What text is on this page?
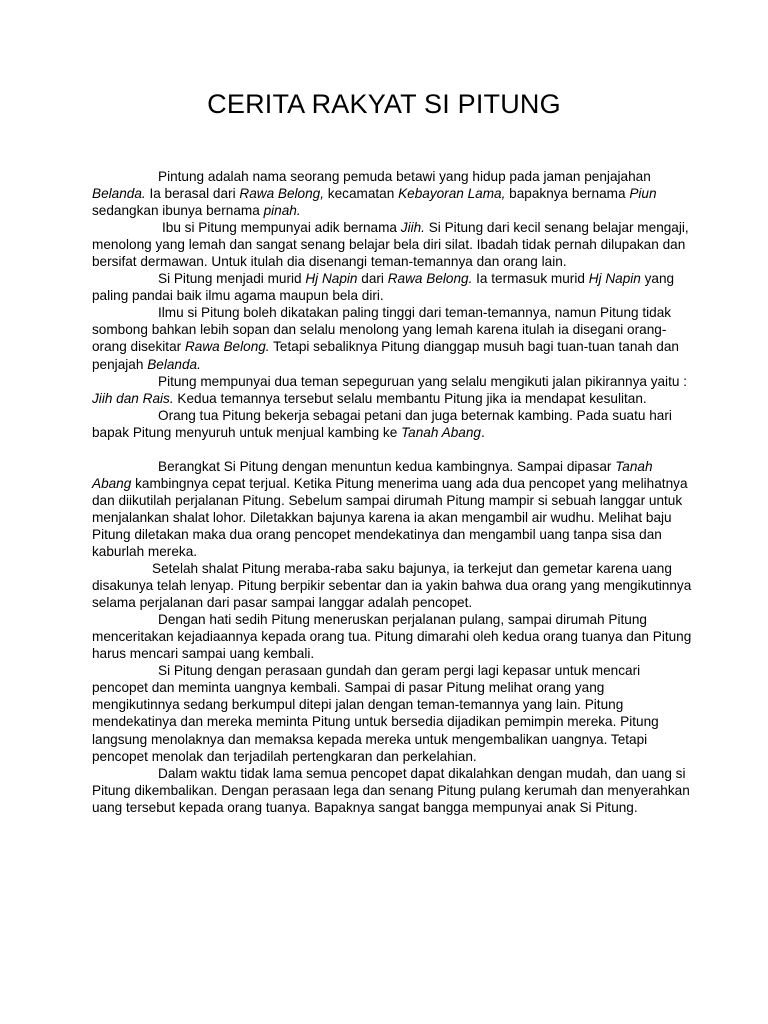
CERITA RAKYAT SI PITUNG

Pintung adalah nama seorang pemuda betawi yang hidup pada jaman penjajahan Belanda. Ia berasal dari Rawa Belong, kecamatan Kebayoran Lama, bapaknya bernama Piun sedangkan ibunya bernama pinah.

Ibu si Pitung mempunyai adik bernama Jiih. Si Pitung dari kecil senang belajar mengaji, menolong yang lemah dan sangat senang belajar bela diri silat. Ibadah tidak pernah dilupakan dan bersifat dermawan. Untuk itulah dia disenangi teman-temannya dan orang lain.

Si Pitung menjadi murid Hj Napin dari Rawa Belong. Ia termasuk murid Hj Napin yang paling pandai baik ilmu agama maupun bela diri.

Ilmu si Pitung boleh dikatakan paling tinggi dari teman-temannya, namun Pitung tidak sombong bahkan lebih sopan dan selalu menolong yang lemah karena itulah ia disegani orang-orang disekitar Rawa Belong. Tetapi sebaliknya Pitung dianggap musuh bagi tuan-tuan tanah dan penjajah Belanda.

Pitung mempunyai dua teman sepeguruan yang selalu mengikuti jalan pikirannya yaitu : Jiih dan Rais. Kedua temannya tersebut selalu membantu Pitung jika ia mendapat kesulitan.

Orang tua Pitung bekerja sebagai petani dan juga beternak kambing. Pada suatu hari bapak Pitung menyuruh untuk menjual kambing ke Tanah Abang.

Berangkat Si Pitung dengan menuntun kedua kambingnya. Sampai dipasar Tanah Abang kambingnya cepat terjual. Ketika Pitung menerima uang ada dua pencopet yang melihatnya dan diikutilah perjalanan Pitung. Sebelum sampai dirumah Pitung mampir si sebuah langgar untuk menjalankan shalat lohor. Diletakkan bajunya karena ia akan mengambil air wudhu. Melihat baju Pitung diletakan maka dua orang pencopet mendekatinya dan mengambil uang tanpa sisa dan kaburlah mereka.

Setelah shalat Pitung meraba-raba saku bajunya, ia terkejut dan gemetar karena uang disakunya telah lenyap. Pitung berpikir sebentar dan ia yakin bahwa dua orang yang mengikutinnya selama perjalanan dari pasar sampai langgar adalah pencopet.

Dengan hati sedih Pitung meneruskan perjalanan pulang, sampai dirumah Pitung menceritakan kejadiaannya kepada orang tua. Pitung dimarahi oleh kedua orang tuanya dan Pitung harus mencari sampai uang kembali.

Si Pitung dengan perasaan gundah dan geram pergi lagi kepasar untuk mencari pencopet dan meminta uangnya kembali. Sampai di pasar Pitung melihat orang yang mengikutinnya sedang berkumpul ditepi jalan dengan teman-temannya yang lain. Pitung mendekatinya dan mereka meminta Pitung untuk bersedia dijadikan pemimpin mereka. Pitung langsung menolaknya dan memaksa kepada mereka untuk mengembalikan uangnya. Tetapi pencopet menolak dan terjadilah pertengkaran dan perkelahian.

Dalam waktu tidak lama semua pencopet dapat dikalahkan dengan mudah, dan uang si Pitung dikembalikan. Dengan perasaan lega dan senang Pitung pulang kerumah dan menyerahkan uang tersebut kepada orang tuanya. Bapaknya sangat bangga mempunyai anak Si Pitung.
